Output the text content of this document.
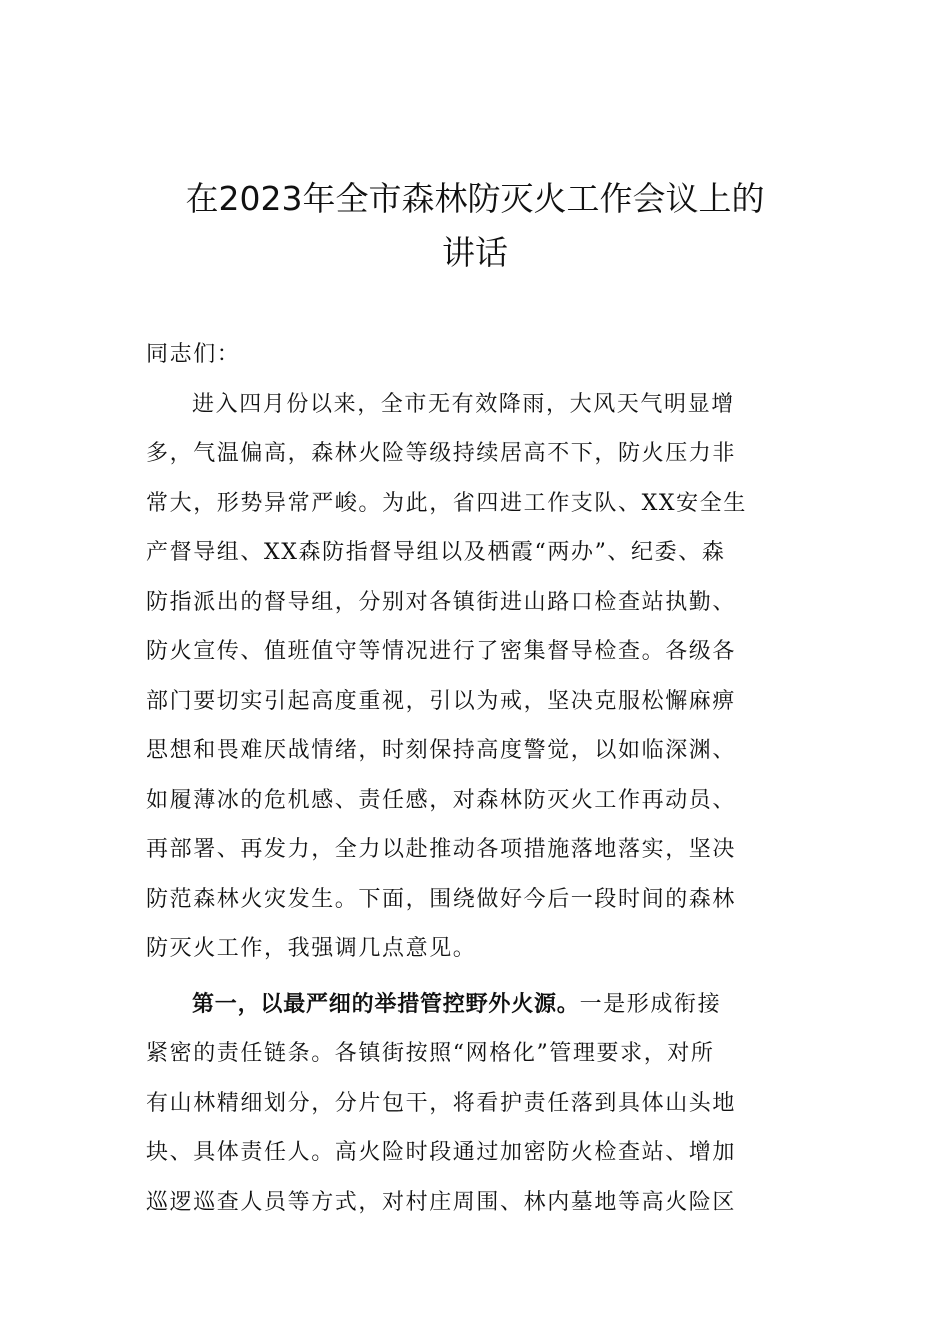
在2023年全市森林防灭火工作会议上的
讲话
同志们：
进入四月份以来，全市无有效降雨，大风天气明显增
多，气温偏高，森林火险等级持续居高不下，防火压力非
常大，形势异常严峻。为此，省四进工作支队、XX安全生
产督导组、XX森防指督导组以及栖霞“两办”、纪委、森
防指派出的督导组，分别对各镇街进山路口检查站执勤、
防火宣传、值班值守等情况进行了密集督导检查。各级各
部门要切实引起高度重视，引以为戒，坚决克服松懈麻痹
思想和畏难厌战情绪，时刻保持高度警觉，以如临深渊、
如履薄冰的危机感、责任感，对森林防灭火工作再动员、
再部署、再发力，全力以赴推动各项措施落地落实，坚决
防范森林火灾发生。下面，围绕做好今后一段时间的森林
防灭火工作，我强调几点意见。
第一，以最严细的举措管控野外火源。一是形成衔接
紧密的责任链条。各镇街按照“网格化”管理要求，对所
有山林精细划分，分片包干，将看护责任落到具体山头地
块、具体责任人。高火险时段通过加密防火检查站、增加
巡逻巡查人员等方式，对村庄周围、林内墓地等高火险区
